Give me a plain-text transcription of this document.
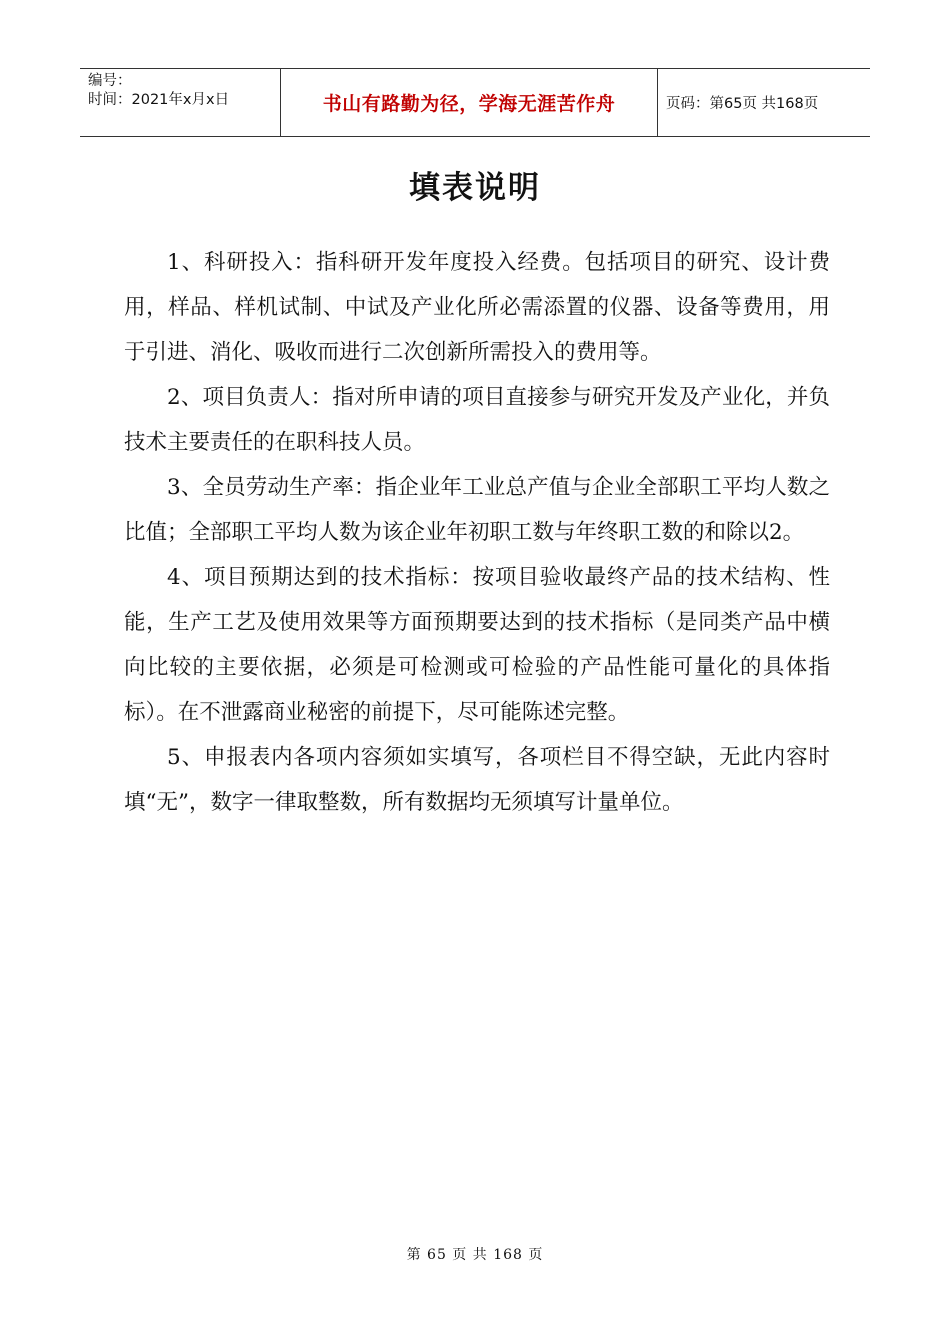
编号：
时间：2021年x月x日	书山有路勤为径，学海无涯苦作舟	页码：第65页 共168页
填表说明

1、科研投入：指科研开发年度投入经费。包括项目的研究、设计费用，样品、样机试制、中试及产业化所必需添置的仪器、设备等费用，用于引进、消化、吸收而进行二次创新所需投入的费用等。

2、项目负责人：指对所申请的项目直接参与研究开发及产业化，并负技术主要责任的在职科技人员。

3、全员劳动生产率：指企业年工业总产值与企业全部职工平均人数之比值；全部职工平均人数为该企业年初职工数与年终职工数的和除以2。

4、项目预期达到的技术指标：按项目验收最终产品的技术结构、性能，生产工艺及使用效果等方面预期要达到的技术指标（是同类产品中横向比较的主要依据，必须是可检测或可检验的产品性能可量化的具体指标）。在不泄露商业秘密的前提下，尽可能陈述完整。

5、申报表内各项内容须如实填写，各项栏目不得空缺，无此内容时填“无”，数字一律取整数，所有数据均无须填写计量单位。

第 65 页 共 168 页
